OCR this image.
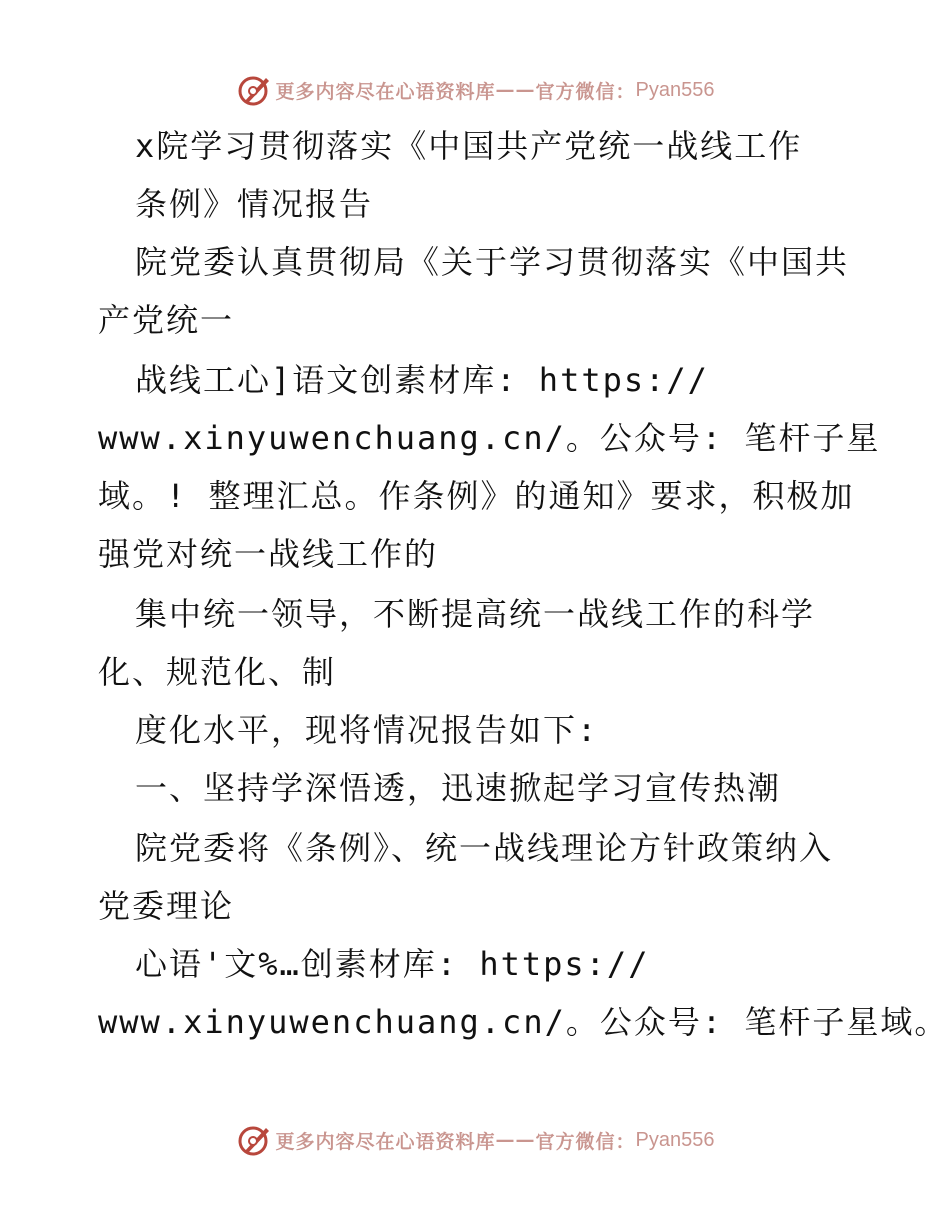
更多内容尽在心语资料库 —— 官方微信： Pyan556
x院学习贯彻落实《中国共产党统一战线工作
条例》情况报告
院党委认真贯彻局《关于学习贯彻落实《中国共
产党统一
战线工心]语文创素材库: https://
www.xinyuwenchuang.cn/。公众号: 笔杆子星
域。! 整理汇总。作条例》的通知》要求，积极加
强党对统一战线工作的
集中统一领导，不断提高统一战线工作的科学
化、规范化、制
度化水平，现将情况报告如下:
一、坚持学深悟透，迅速掀起学习宣传热潮
院党委将《条例》、统一战线理论方针政策纳入
党委理论
心语'文%…创素材库: https://
www.xinyuwenchuang.cn/。公众号: 笔杆子星域。
更多内容尽在心语资料库 —— 官方微信： Pyan556
